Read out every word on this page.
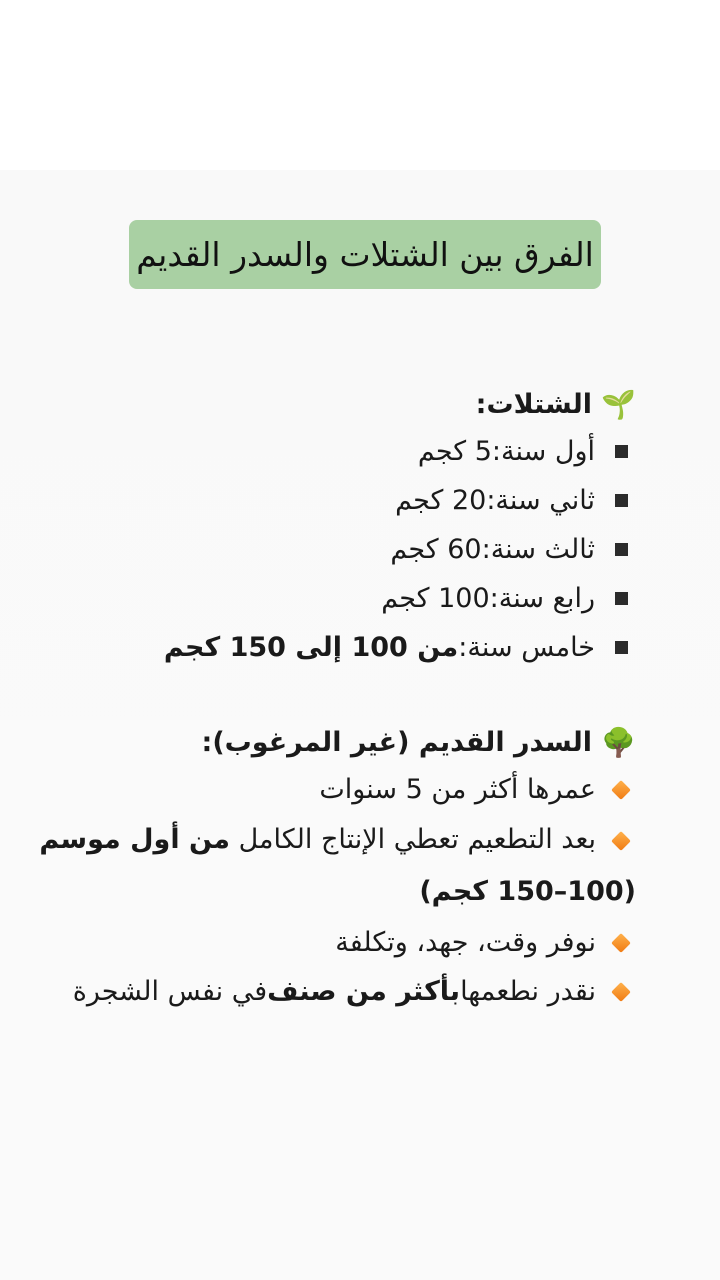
الفرق بين الشتلات والسدر القديم
🌱
الشتلات:
أول سنة:
5 كجم
ثاني سنة:
20 كجم
ثالث سنة:
60 كجم
رابع سنة:
100 كجم
خامس سنة:
من 100 إلى 150 كجم
🌳
السدر القديم (غير المرغوب):
عمرها أكثر من 5 سنوات
بعد التطعيم تعطي الإنتاج الكامل من أول موسم (100–150 كجم)
نوفر وقت، جهد، وتكلفة
نقدر نطعمها
بأكثر من صنف
في نفس الشجرة
